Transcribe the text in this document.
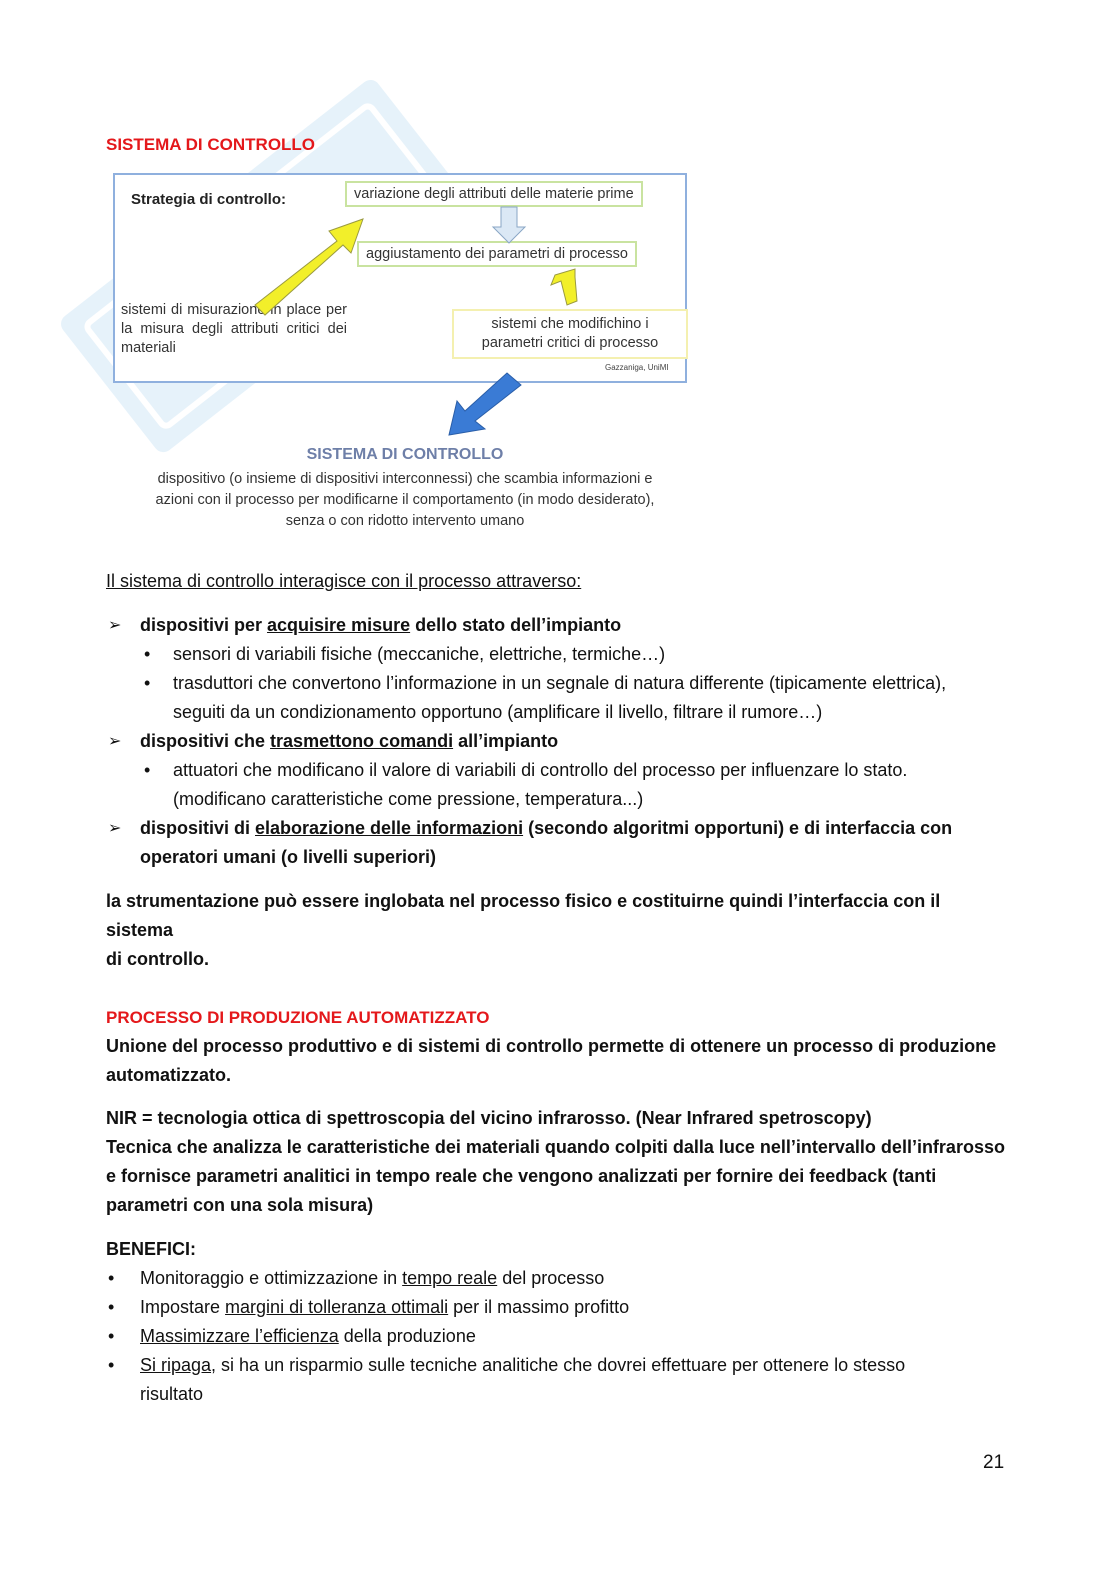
SISTEMA DI CONTROLLO
Strategia di controllo:	variazione degli attributi delle materie prime
aggiustamento dei parametri di processo
sistemi di misurazione in place per la misura degli attributi critici dei materiali
sistemi che modifichino i parametri critici di processo
Gazzaniga, UniMI
SISTEMA DI CONTROLLO
dispositivo (o insieme di dispositivi interconnessi) che scambia informazioni e
azioni con il processo per modificarne il comportamento (in modo desiderato),
senza o con ridotto intervento umano
Il sistema di controllo interagisce con il processo attraverso:
➢ dispositivi per acquisire misure dello stato dell’impianto
• sensori di variabili fisiche (meccaniche, elettriche, termiche…)
• trasduttori che convertono l’informazione in un segnale di natura differente (tipicamente elettrica),
seguiti da un condizionamento opportuno (amplificare il livello, filtrare il rumore…)
➢ dispositivi che trasmettono comandi all’impianto
• attuatori che modificano il valore di variabili di controllo del processo per influenzare lo stato.
(modificano caratteristiche come pressione, temperatura...)
➢ dispositivi di elaborazione delle informazioni (secondo algoritmi opportuni) e di interfaccia con
operatori umani (o livelli superiori)
la strumentazione può essere inglobata nel processo fisico e costituirne quindi l’interfaccia con il sistema
di controllo.
PROCESSO DI PRODUZIONE AUTOMATIZZATO
Unione del processo produttivo e di sistemi di controllo permette di ottenere un processo di produzione
automatizzato.
NIR = tecnologia ottica di spettroscopia del vicino infrarosso. (Near Infrared spetroscopy)
Tecnica che analizza le caratteristiche dei materiali quando colpiti dalla luce nell’intervallo dell’infrarosso
e fornisce parametri analitici in tempo reale che vengono analizzati per fornire dei feedback (tanti
parametri con una sola misura)
BENEFICI:
• Monitoraggio e ottimizzazione in tempo reale del processo
• Impostare margini di tolleranza ottimali per il massimo profitto
• Massimizzare l’efficienza della produzione
• Si ripaga, si ha un risparmio sulle tecniche analitiche che dovrei effettuare per ottenere lo stesso
risultato
21
